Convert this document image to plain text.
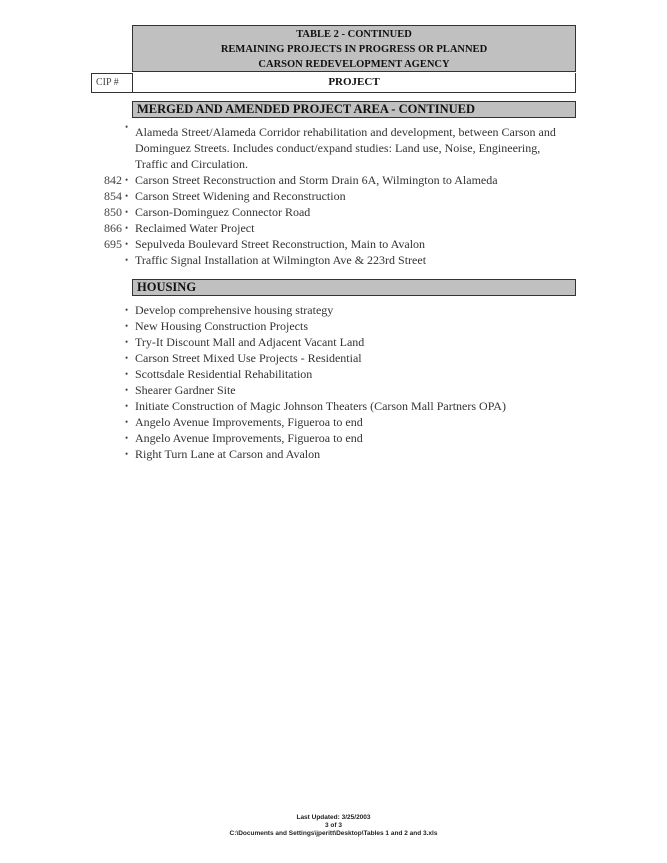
TABLE 2 - CONTINUED
REMAINING PROJECTS IN PROGRESS OR PLANNED
CARSON REDEVELOPMENT AGENCY
CIP #	PROJECT
MERGED AND AMENDED PROJECT AREA - CONTINUED
• Alameda Street/Alameda Corridor rehabilitation and development, between Carson and Dominguez Streets. Includes conduct/expand studies: Land use, Noise, Engineering, Traffic and Circulation.
842 • Carson Street Reconstruction and Storm Drain 6A, Wilmington to Alameda
854 • Carson Street Widening and Reconstruction
850 • Carson-Dominguez Connector Road
866 • Reclaimed Water Project
695 • Sepulveda Boulevard Street Reconstruction, Main to Avalon
• Traffic Signal Installation at Wilmington Ave & 223rd Street
HOUSING
• Develop comprehensive housing strategy
• New Housing Construction Projects
• Try-It Discount Mall and Adjacent Vacant Land
• Carson Street Mixed Use Projects - Residential
• Scottsdale Residential Rehabilitation
• Shearer Gardner Site
• Initiate Construction of Magic Johnson Theaters (Carson Mall Partners OPA)
• Angelo Avenue Improvements, Figueroa to end
• Angelo Avenue Improvements, Figueroa to end
• Right Turn Lane at Carson and Avalon
Last Updated: 3/25/2003
3 of 3
C:\Documents and Settings\jperitt\Desktop\Tables 1 and 2 and 3.xls
